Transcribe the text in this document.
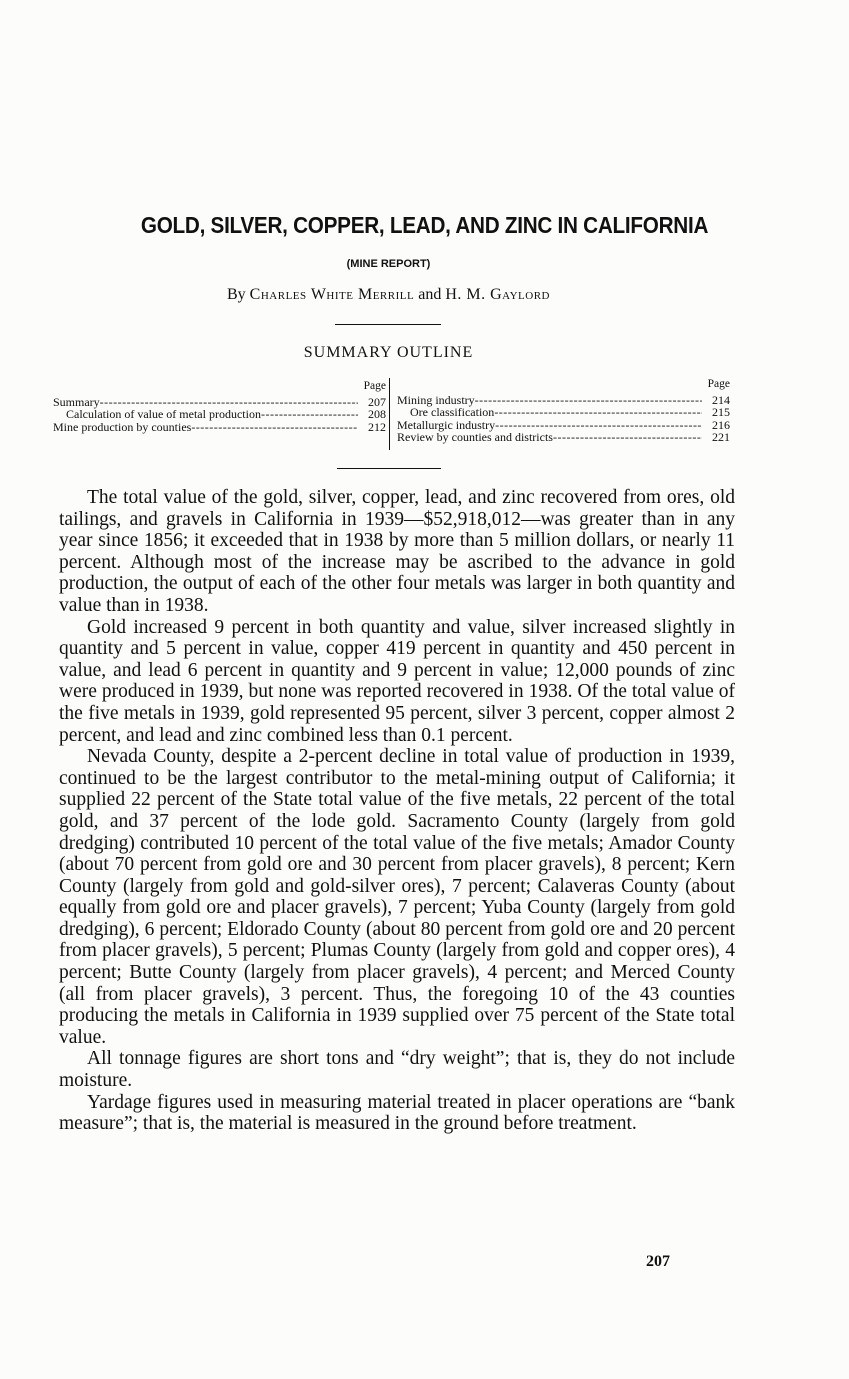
GOLD, SILVER, COPPER, LEAD, AND ZINC IN CALIFORNIA
(MINE REPORT)
By Charles White Merrill and H. M. Gaylord
SUMMARY OUTLINE
Page
Summary -----	207
Calculation of value of metal production -----	208
Mine production by counties -----	212
Page
Mining industry -----	214
Ore classification -----	215
Metallurgic industry -----	216
Review by counties and districts -----	221

The total value of the gold, silver, copper, lead, and zinc recovered from ores, old tailings, and gravels in California in 1939—$52,918,012—was greater than in any year since 1856; it exceeded that in 1938 by more than 5 million dollars, or nearly 11 percent. Although most of the increase may be ascribed to the advance in gold production, the output of each of the other four metals was larger in both quantity and value than in 1938.

Gold increased 9 percent in both quantity and value, silver increased slightly in quantity and 5 percent in value, copper 419 percent in quantity and 450 percent in value, and lead 6 percent in quantity and 9 percent in value; 12,000 pounds of zinc were produced in 1939, but none was reported recovered in 1938. Of the total value of the five metals in 1939, gold represented 95 percent, silver 3 percent, copper almost 2 percent, and lead and zinc combined less than 0.1 percent.

Nevada County, despite a 2-percent decline in total value of production in 1939, continued to be the largest contributor to the metal-mining output of California; it supplied 22 percent of the State total value of the five metals, 22 percent of the total gold, and 37 percent of the lode gold. Sacramento County (largely from gold dredging) contributed 10 percent of the total value of the five metals; Amador County (about 70 percent from gold ore and 30 percent from placer gravels), 8 percent; Kern County (largely from gold and gold-silver ores), 7 percent; Calaveras County (about equally from gold ore and placer gravels), 7 percent; Yuba County (largely from gold dredging), 6 percent; Eldorado County (about 80 percent from gold ore and 20 percent from placer gravels), 5 percent; Plumas County (largely from gold and copper ores), 4 percent; Butte County (largely from placer gravels), 4 percent; and Merced County (all from placer gravels), 3 percent. Thus, the foregoing 10 of the 43 counties producing the metals in California in 1939 supplied over 75 percent of the State total value.

All tonnage figures are short tons and “dry weight”; that is, they do not include moisture.

Yardage figures used in measuring material treated in placer operations are “bank measure”; that is, the material is measured in the ground before treatment.

207
